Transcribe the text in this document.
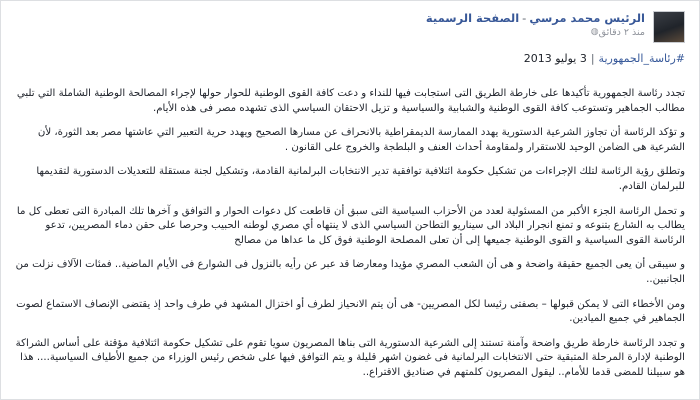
الرئيس محمد مرسي-الصفحة الرسمية
منذ ٢ دقائق
◍
#رئاسة_الجمهورية|3 يوليو 2013

تجدد رئاسة الجمهورية تأكيدها على خارطة الطريق التى استجابت فيها للنداء و دعت كافة القوى الوطنية للحوار حولها لإجراء المصالحة الوطنية الشاملة التي تلبي مطالب الجماهير وتستوعب كافة القوى الوطنية والشبابية والسياسية و تزيل الاحتقان السياسي الذى تشهده مصر فى هذه الأيام.

و تؤكد الرئاسة أن تجاوز الشرعية الدستورية يهدد الممارسة الديمقراطية بالانحراف عن مسارها الصحيح ويهدد حرية التعبير التي عاشتها مصر بعد الثورة، لأن الشرعية هى الضامن الوحيد للاستقرار ولمقاومة أحداث العنف و البلطجة والخروج على القانون .

وتطلق رؤية الرئاسة لتلك الإجراءات من تشكيل حكومة ائتلافية توافقية تدير الانتخابات البرلمانية القادمة، وتشكيل لجنة مستقلة للتعديلات الدستورية لتقديمها للبرلمان القادم.

و تحمل الرئاسة الجزء الأكبر من المسئولية لعدد من الأحزاب السياسية التى سبق أن قاطعت كل دعوات الحوار و التوافق و آخرها تلك المبادرة التى تعطى كل ما يطالب به الشارع بتنوعه و تمنع انجرار البلاد الى سيناريو التطاحن السياسي الذى لا ينتهاه أي مصري لوطنه الحبيب وحرصا على حقن دماء المصريين، تدعو الرئاسة القوى السياسية و القوى الوطنية جميعها إلى أن تعلى المصلحة الوطنية فوق كل ما عداها من مصالح

و سيبقى أن يعى الجميع حقيقة واضحة و هى أن الشعب المصري مؤيدا ومعارضا قد عبر عن رأيه بالنزول فى الشوارع فى الأيام الماضية.. فمئات الآلاف نزلت من الجانبين..

ومن الأخطاء التى لا يمكن قبولها – بصفتى رئيسا لكل المصريين- هى أن يتم الانحياز لطرف أو اختزال المشهد في طرف واحد إذ يقتضى الإنصاف الاستماع لصوت الجماهير في جميع الميادين.

و تجدد الرئاسة خارطة طريق واضحة وآمنة تستند إلى الشرعية الدستورية التى بناها المصريون سويا تقوم على تشكيل حكومة ائتلافية مؤقتة على أساس الشراكة الوطنية لإدارة المرحلة المتبقية حتى الانتخابات البرلمانية فى غضون اشهر قليلة و يتم التوافق فيها على شخص رئيس الوزراء من جميع الأطياف السياسية.... هذا هو سبيلنا للمضى قدما للأمام.. ليقول المصريون كلمتهم في صناديق الاقتراع..
